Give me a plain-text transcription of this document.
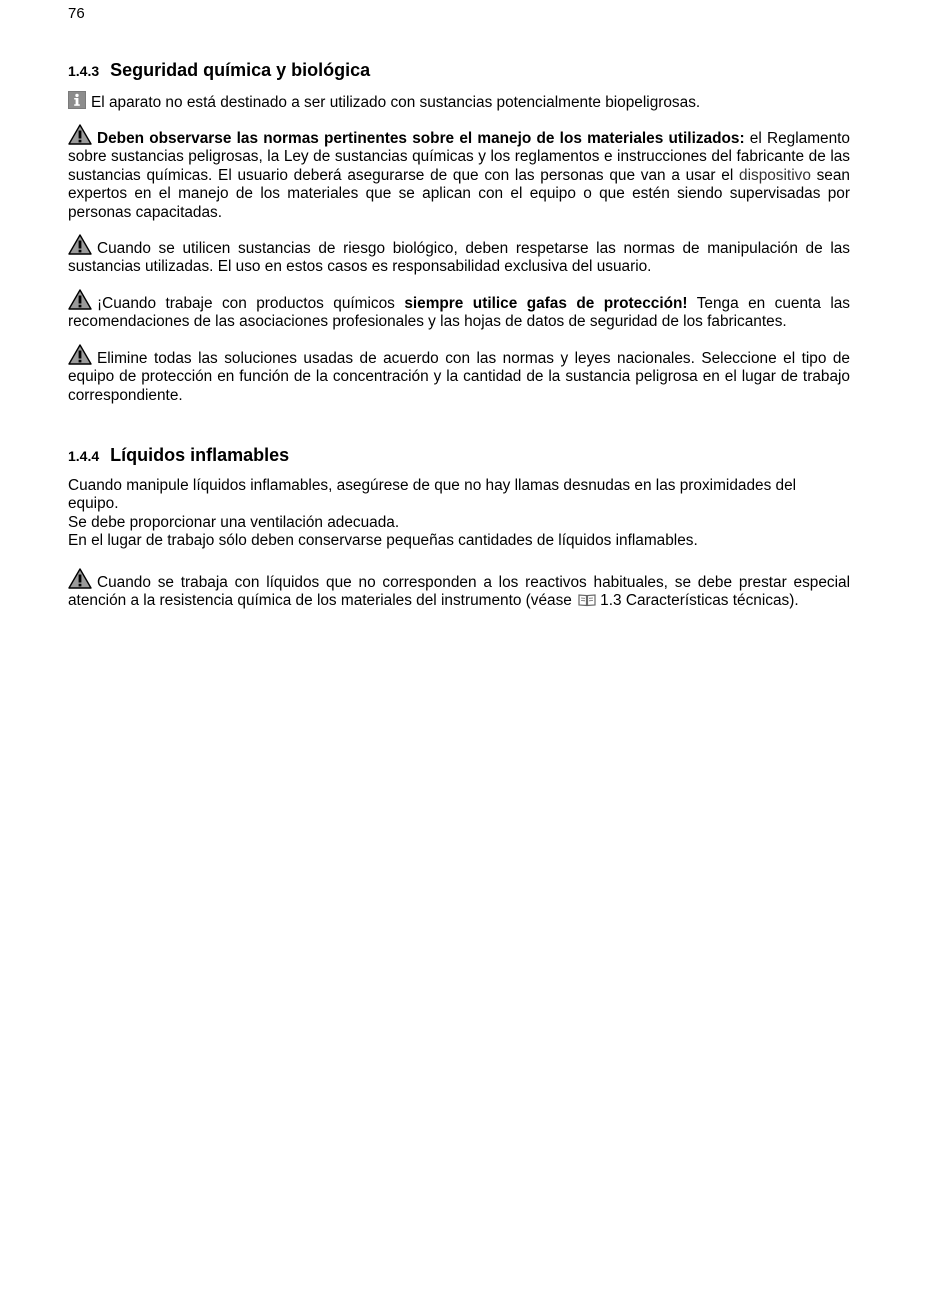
76
1.4.3 Seguridad química y biológica

El aparato no está destinado a ser utilizado con sustancias potencialmente biopeligrosas.

Deben observarse las normas pertinentes sobre el manejo de los materiales utilizados: el Reglamento sobre sustancias peligrosas, la Ley de sustancias químicas y los reglamentos e instrucciones del fabricante de las sustancias químicas. El usuario deberá asegurarse de que con las personas que van a usar el dispositivo sean expertos en el manejo de los materiales que se aplican con el equipo o que estén siendo supervisadas por personas capacitadas.

Cuando se utilicen sustancias de riesgo biológico, deben respetarse las normas de manipulación de las sustancias utilizadas. El uso en estos casos es responsabilidad exclusiva del usuario.

¡Cuando trabaje con productos químicos siempre utilice gafas de protección! Tenga en cuenta las recomendaciones de las asociaciones profesionales y las hojas de datos de seguridad de los fabricantes.

Elimine todas las soluciones usadas de acuerdo con las normas y leyes nacionales. Seleccione el tipo de equipo de protección en función de la concentración y la cantidad de la sustancia peligrosa en el lugar de trabajo correspondiente.

1.4.4 Líquidos inflamables

Cuando manipule líquidos inflamables, asegúrese de que no hay llamas desnudas en las proximidades del equipo.

Se debe proporcionar una ventilación adecuada.

En el lugar de trabajo sólo deben conservarse pequeñas cantidades de líquidos inflamables.

Cuando se trabaja con líquidos que no corresponden a los reactivos habituales, se debe prestar especial atención a la resistencia química de los materiales del instrumento (véase 1.3 Características técnicas).
